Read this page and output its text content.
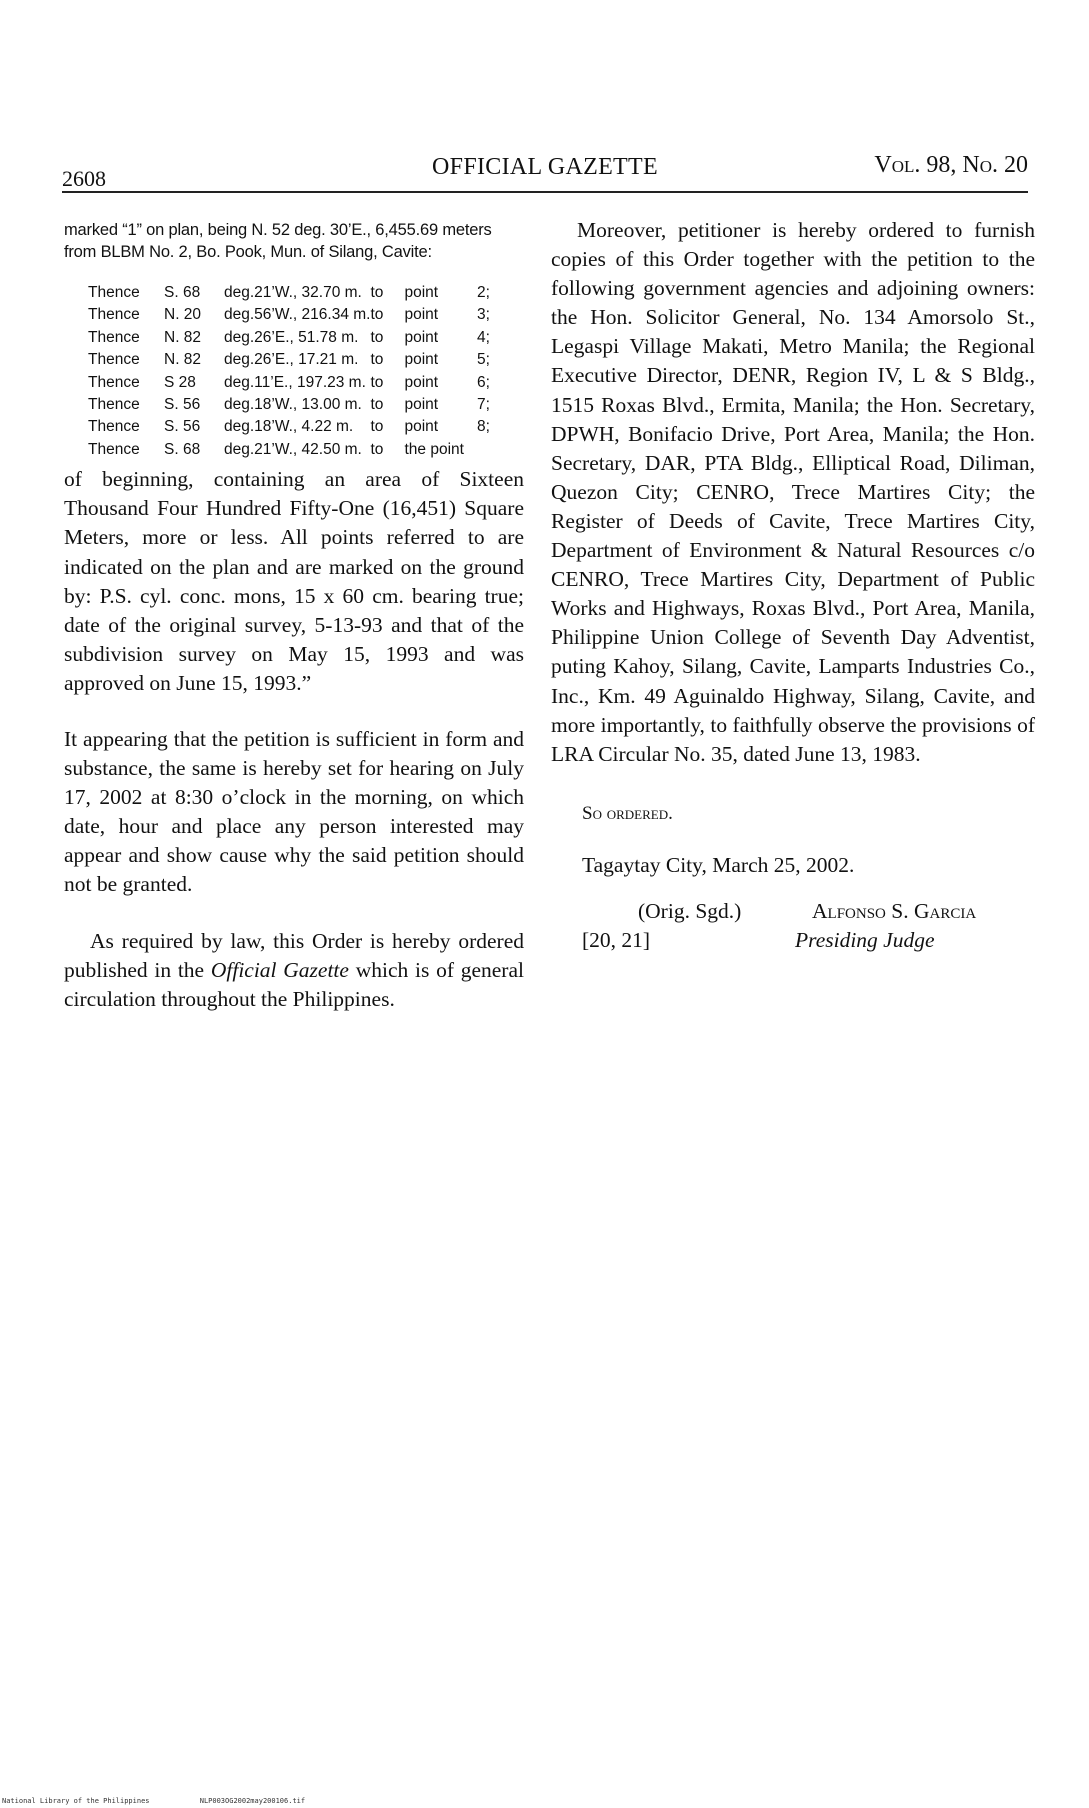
2608	OFFICIAL GAZETTE	Vol. 98, No. 20

marked “1” on plan, being N. 52 deg. 30’E., 6,455.69 meters from BLBM No. 2, Bo. Pook, Mun. of Silang, Cavite:

Thence	S. 68	deg.21’W., 32.70 m.	to	point	2;
Thence	N. 20	deg.56’W., 216.34 m.	to	point	3;
Thence	N. 82	deg.26’E., 51.78 m.	to	point	4;
Thence	N. 82	deg.26’E., 17.21 m.	to	point	5;
Thence	S 28	deg.11’E., 197.23 m.	to	point	6;
Thence	S. 56	deg.18’W., 13.00 m.	to	point	7;
Thence	S. 56	deg.18’W., 4.22 m.	to	point	8;
Thence	S. 68	deg.21’W., 42.50 m.	to	the point	

of beginning, containing an area of Sixteen Thousand Four Hundred Fifty-One (16,451) Square Meters, more or less. All points referred to are indicated on the plan and are marked on the ground by: P.S. cyl. conc. mons, 15 x 60 cm. bearing true; date of the original survey, 5-13-93 and that of the subdivision survey on May 15, 1993 and was approved on June 15, 1993.”

It appearing that the petition is sufficient in form and substance, the same is hereby set for hearing on July 17, 2002 at 8:30 o’clock in the morning, on which date, hour and place any person interested may appear and show cause why the said petition should not be granted.

As required by law, this Order is hereby ordered published in the Official Gazette which is of general circulation throughout the Philippines.

Moreover, petitioner is hereby ordered to furnish copies of this Order together with the petition to the following government agencies and adjoining owners: the Hon. Solicitor General, No. 134 Amorsolo St., Legaspi Village Makati, Metro Manila; the Regional Executive Director, DENR, Region IV, L & S Bldg., 1515 Roxas Blvd., Ermita, Manila; the Hon. Secretary, DPWH, Bonifacio Drive, Port Area, Manila; the Hon. Secretary, DAR, PTA Bldg., Elliptical Road, Diliman, Quezon City; CENRO, Trece Martires City; the Register of Deeds of Cavite, Trece Martires City, Department of Environment & Natural Resources c/o CENRO, Trece Martires City, Department of Public Works and Highways, Roxas Blvd., Port Area, Manila, Philippine Union College of Seventh Day Adventist, puting Kahoy, Silang, Cavite, Lamparts Industries Co., Inc., Km. 49 Aguinaldo Highway, Silang, Cavite, and more importantly, to faithfully observe the provisions of LRA Circular No. 35, dated June 13, 1983.

So ordered.
Tagaytay City, March 25, 2002.
(Orig. Sgd.)	Alfonso S. Garcia
[20, 21]	Presiding Judge
National Library of the Philippines	NLP003OG2002may200106.tif
